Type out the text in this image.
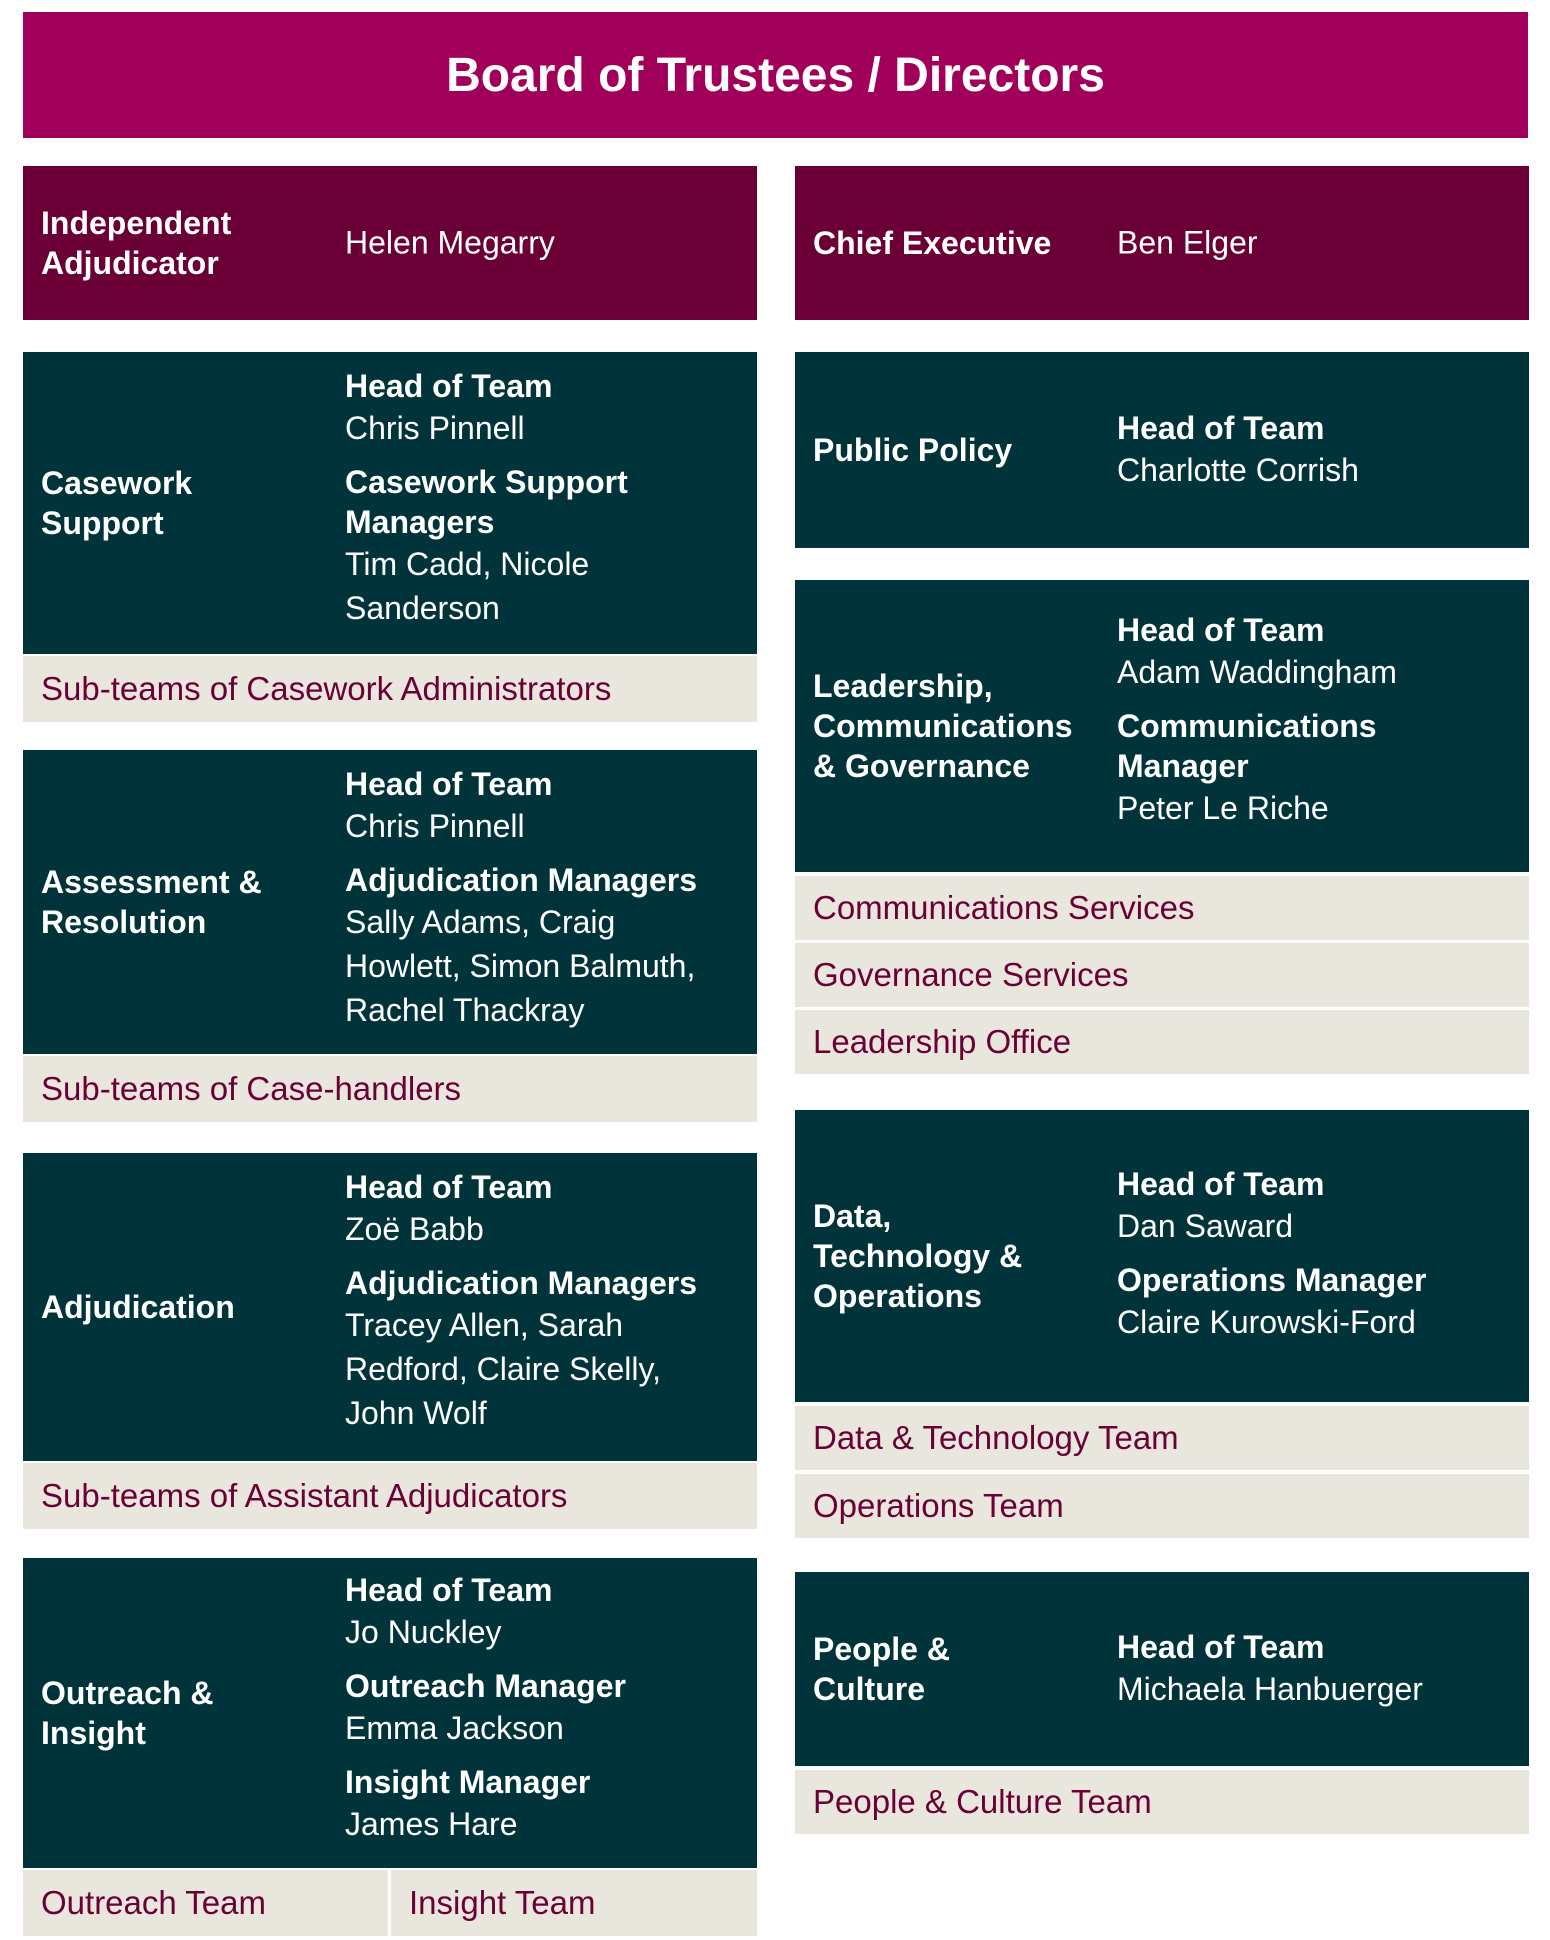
Board of Trustees / Directors
Independent
Adjudicator
Helen Megarry	Chief Executive Ben Elger
Casework
Support
Head of Team
Chris Pinnell
Casework Support
Managers
Tim Cadd, Nicole
Sanderson
Sub-teams of Casework Administrators
Assessment &
Resolution
Head of Team
Chris Pinnell
Adjudication Managers
Sally Adams, Craig
Howlett, Simon Balmuth,
Rachel Thackray
Sub-teams of Case-handlers
Adjudication
Head of Team
Zoë Babb
Adjudication Managers
Tracey Allen, Sarah
Redford, Claire Skelly,
John Wolf
Sub-teams of Assistant Adjudicators
Outreach &
Insight
Head of Team
Jo Nuckley
Outreach Manager
Emma Jackson
Insight Manager
James Hare
Outreach Team	Insight Team
Public Policy
Head of Team
Charlotte Corrish
Leadership,
Communications
& Governance
Head of Team
Adam Waddingham
Communications
Manager
Peter Le Riche
Communications Services
Governance Services
Leadership Office
Data,
Technology &
Operations
Head of Team
Dan Saward
Operations Manager
Claire Kurowski-Ford
Data & Technology Team
Operations Team
People &
Culture
Head of Team
Michaela Hanbuerger
People & Culture Team
